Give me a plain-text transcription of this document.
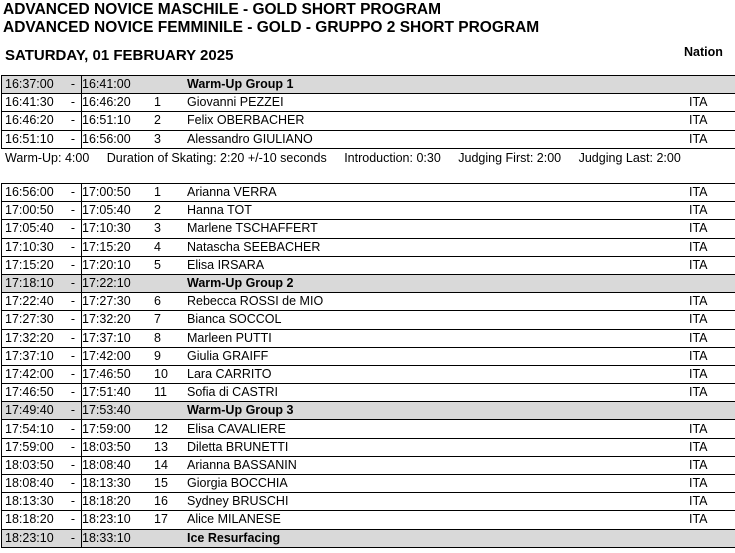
ADVANCED NOVICE MASCHILE - GOLD SHORT PROGRAM
ADVANCED NOVICE FEMMINILE - GOLD - GRUPPO 2 SHORT PROGRAM
SATURDAY, 01 FEBRUARY 2025	Nation
16:37:00	-	16:41:00		Warm-Up Group 1	
16:41:30	-	16:46:20	1	Giovanni PEZZEI	ITA
16:46:20	-	16:51:10	2	Felix OBERBACHER	ITA
16:51:10	-	16:56:00	3	Alessandro GIULIANO	ITA
Warm-Up: 4:00 Duration of Skating: 2:20 +/-10 seconds Introduction: 0:30 Judging First: 2:00 Judging Last: 2:00
16:56:00	-	17:00:50	1	Arianna VERRA	ITA
17:00:50	-	17:05:40	2	Hanna TOT	ITA
17:05:40	-	17:10:30	3	Marlene TSCHAFFERT	ITA
17:10:30	-	17:15:20	4	Natascha SEEBACHER	ITA
17:15:20	-	17:20:10	5	Elisa IRSARA	ITA
17:18:10	-	17:22:10		Warm-Up Group 2	
17:22:40	-	17:27:30	6	Rebecca ROSSI de MIO	ITA
17:27:30	-	17:32:20	7	Bianca SOCCOL	ITA
17:32:20	-	17:37:10	8	Marleen PUTTI	ITA
17:37:10	-	17:42:00	9	Giulia GRAIFF	ITA
17:42:00	-	17:46:50	10	Lara CARRITO	ITA
17:46:50	-	17:51:40	11	Sofia di CASTRI	ITA
17:49:40	-	17:53:40		Warm-Up Group 3	
17:54:10	-	17:59:00	12	Elisa CAVALIERE	ITA
17:59:00	-	18:03:50	13	Diletta BRUNETTI	ITA
18:03:50	-	18:08:40	14	Arianna BASSANIN	ITA
18:08:40	-	18:13:30	15	Giorgia BOCCHIA	ITA
18:13:30	-	18:18:20	16	Sydney BRUSCHI	ITA
18:18:20	-	18:23:10	17	Alice MILANESE	ITA
18:23:10	-	18:33:10		Ice Resurfacing	
